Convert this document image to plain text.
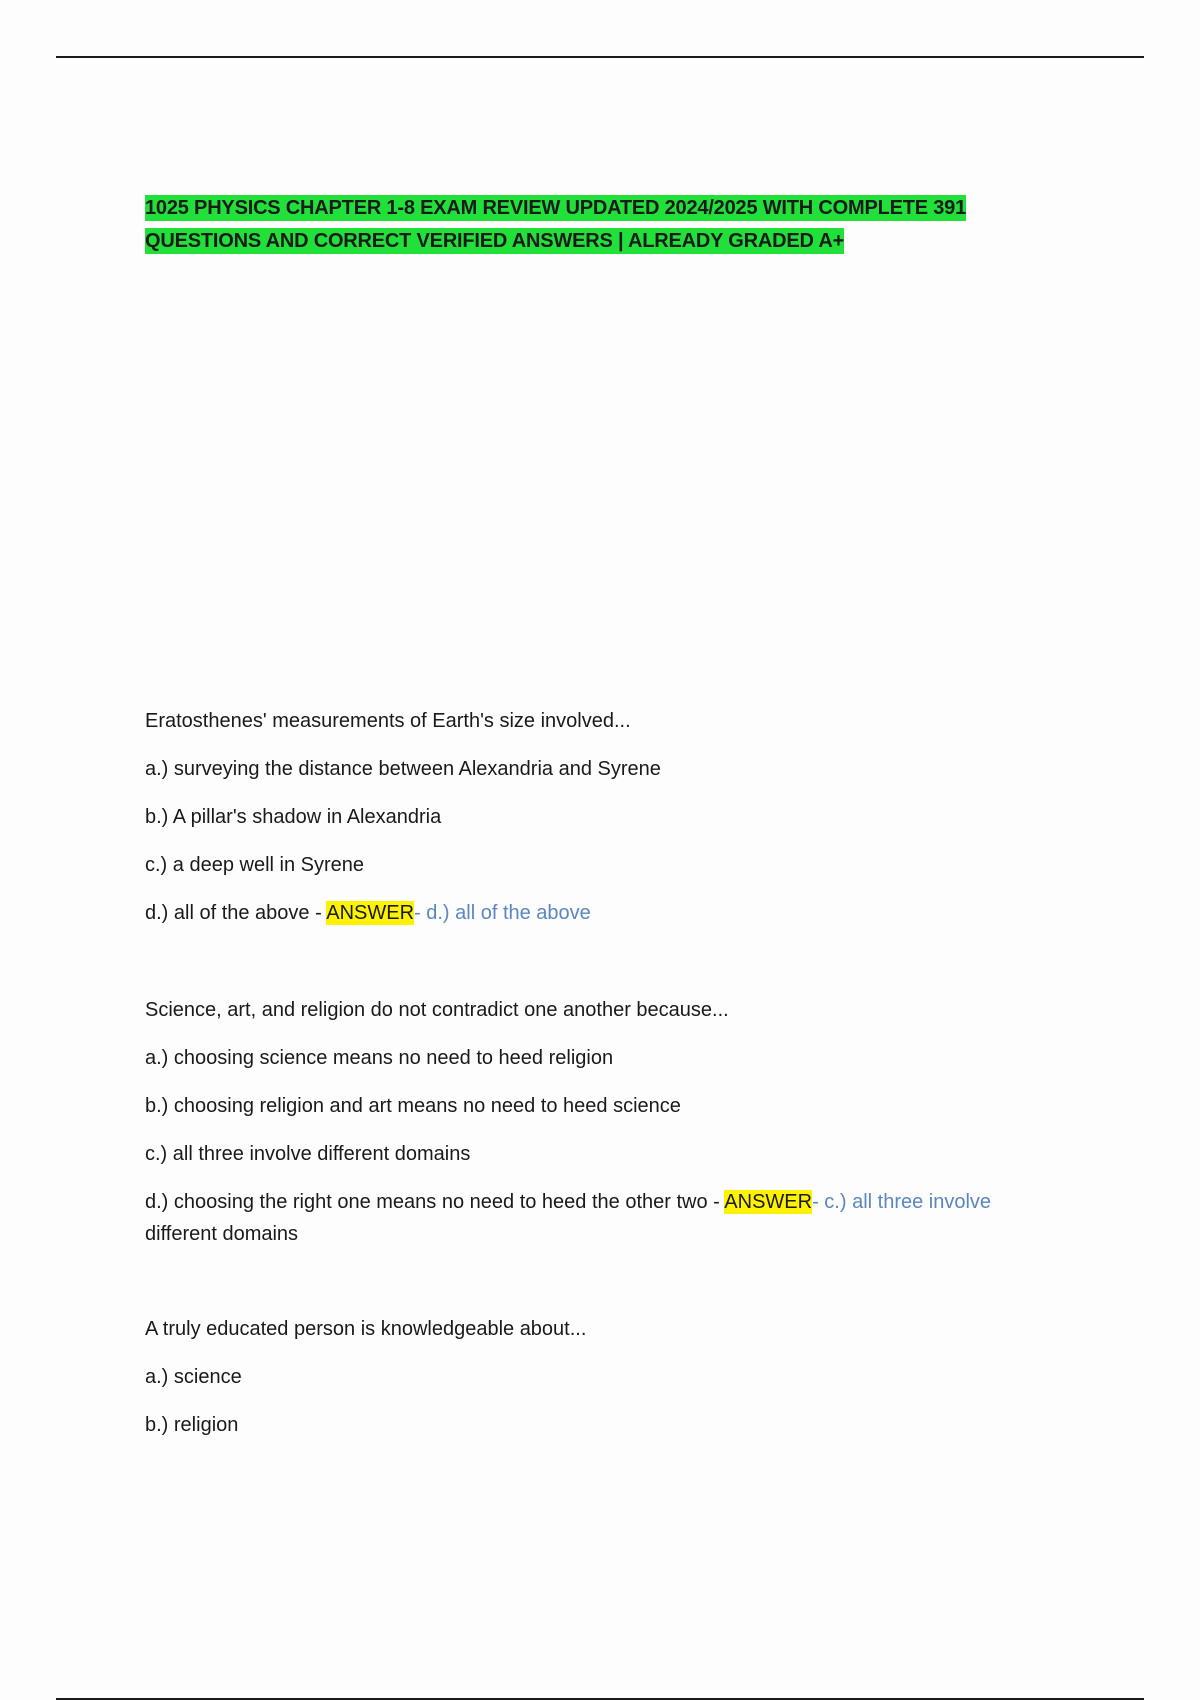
1025 PHYSICS CHAPTER 1-8 EXAM REVIEW UPDATED 2024/2025 WITH COMPLETE 391
QUESTIONS AND CORRECT VERIFIED ANSWERS | ALREADY GRADED A+

Eratosthenes' measurements of Earth's size involved...

a.) surveying the distance between Alexandria and Syrene

b.) A pillar's shadow in Alexandria

c.) a deep well in Syrene

d.) all of the above - ANSWER- d.) all of the above

Science, art, and religion do not contradict one another because...

a.) choosing science means no need to heed religion

b.) choosing religion and art means no need to heed science

c.) all three involve different domains

d.) choosing the right one means no need to heed the other two - ANSWER- c.) all three involve
different domains

A truly educated person is knowledgeable about...

a.) science

b.) religion
